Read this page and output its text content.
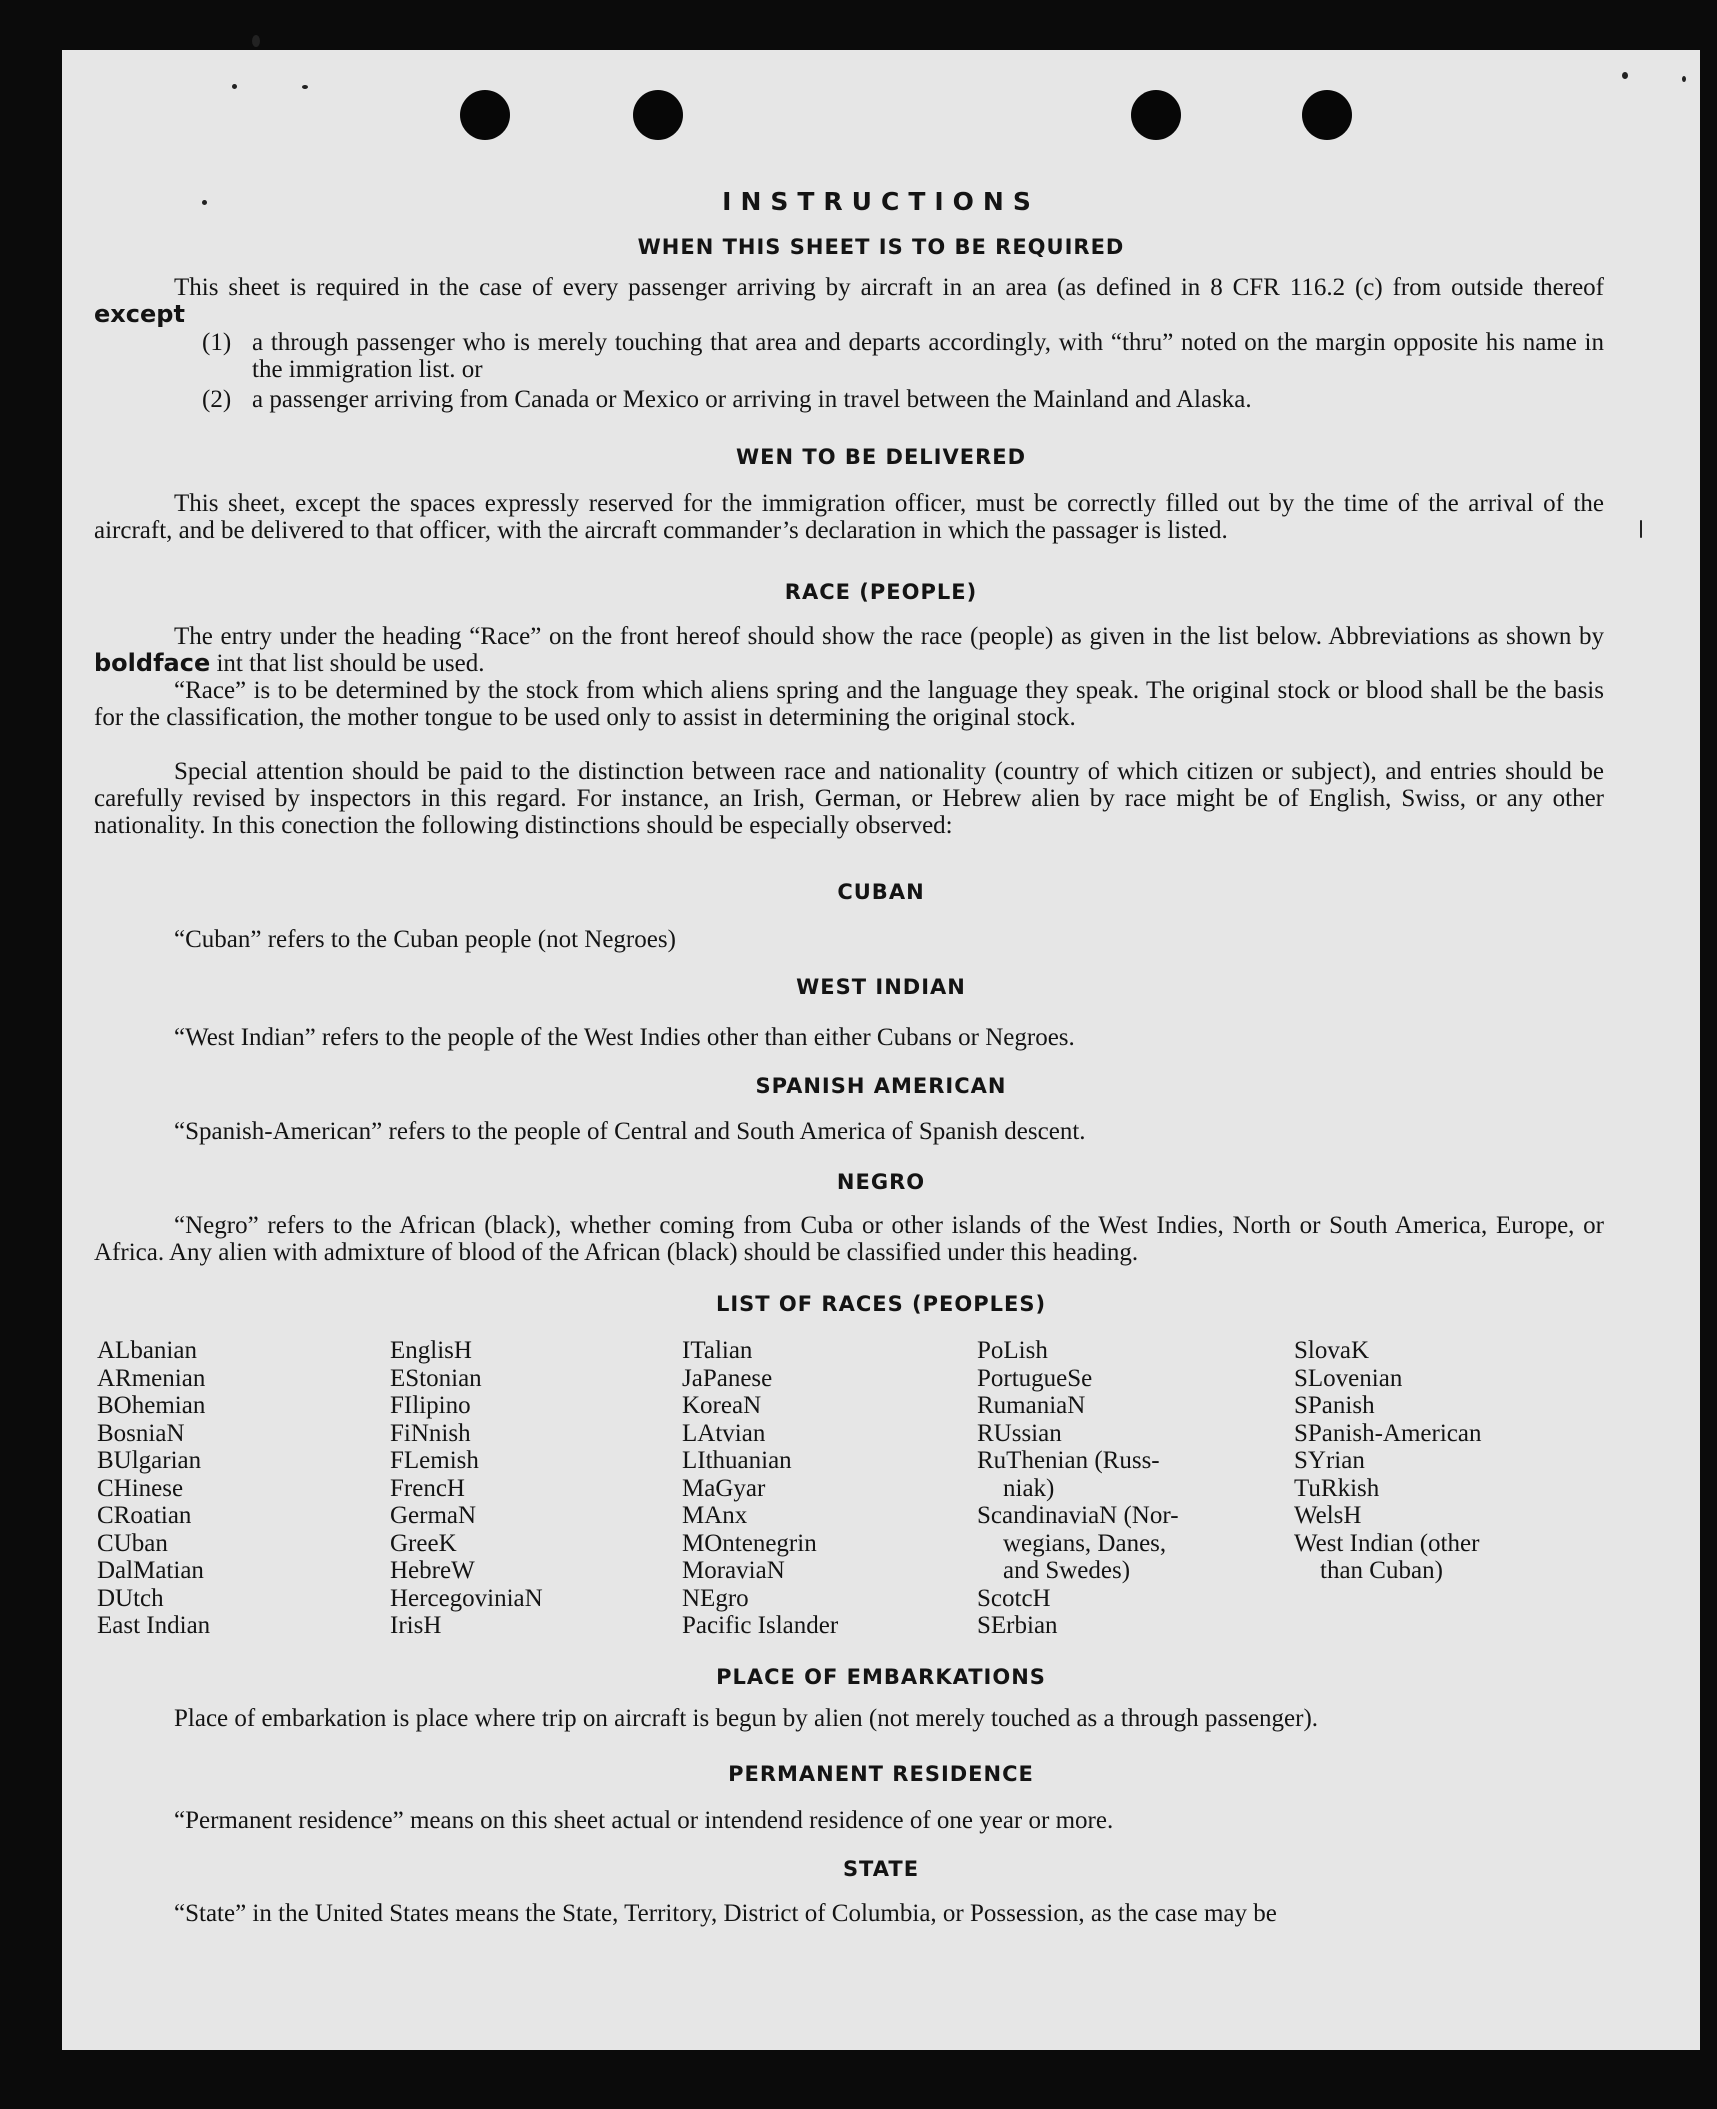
INSTRUCTIONS
WHEN THIS SHEET IS TO BE REQUIRED

This sheet is required in the case of every passenger arriving by aircraft in an area (as defined in 8 CFR 116.2 (c) from outside thereof except

(1) a through passenger who is merely touching that area and departs accordingly, with “thru” noted on the margin opposite his name in the immigration list. or

(2) a passenger arriving from Canada or Mexico or arriving in travel between the Mainland and Alaska.

WEN TO BE DELIVERED

This sheet, except the spaces expressly reserved for the immigration officer, must be correctly filled out by the time of the arrival of the aircraft, and be delivered to that officer, with the aircraft commander’s declaration in which the passager is listed.

RACE (PEOPLE)

The entry under the heading “Race” on the front hereof should show the race (people) as given in the list below. Abbreviations as shown by boldface int that list should be used.

“Race” is to be determined by the stock from which aliens spring and the language they speak. The original stock or blood shall be the basis for the classification, the mother tongue to be used only to assist in determining the original stock.

Special attention should be paid to the distinction between race and nationality (country of which citizen or subject), and entries should be carefully revised by inspectors in this regard. For instance, an Irish, German, or Hebrew alien by race might be of English, Swiss, or any other nationality. In this conection the following distinctions should be especially observed:

CUBAN

“Cuban” refers to the Cuban people (not Negroes)

WEST INDIAN

“West Indian” refers to the people of the West Indies other than either Cubans or Negroes.

SPANISH AMERICAN

“Spanish-American” refers to the people of Central and South America of Spanish descent.

NEGRO

“Negro” refers to the African (black), whether coming from Cuba or other islands of the West Indies, North or South America, Europe, or Africa. Any alien with admixture of blood of the African (black) should be classified under this heading.

LIST OF RACES (PEOPLES)
ALbanian
ARmenian
BOhemian
BosniaN
BUlgarian
CHinese
CRoatian
CUban
DalMatian
DUtch
East Indian
EnglisH
EStonian
FIlipino
FiNnish
FLemish
FrencH
GermaN
GreeK
HebreW
HercegoviniaN
IrisH
ITalian
JaPanese
KoreaN
LAtvian
LIthuanian
MaGyar
MAnx
MOntenegrin
MoraviaN
NEgro
Pacific Islander
PoLish
PortugueSe
RumaniaN
RUssian
RuThenian (Russ-
niak)
ScandinaviaN (Nor-
wegians, Danes,
and Swedes)
ScotcH
SErbian
SlovaK
SLovenian
SPanish
SPanish-American
SYrian
TuRkish
WelsH
West Indian (other
than Cuban)
PLACE OF EMBARKATIONS

Place of embarkation is place where trip on aircraft is begun by alien (not merely touched as a through passenger).

PERMANENT RESIDENCE

“Permanent residence” means on this sheet actual or intendend residence of one year or more.

STATE

“State” in the United States means the State, Territory, District of Columbia, or Possession, as the case may be
